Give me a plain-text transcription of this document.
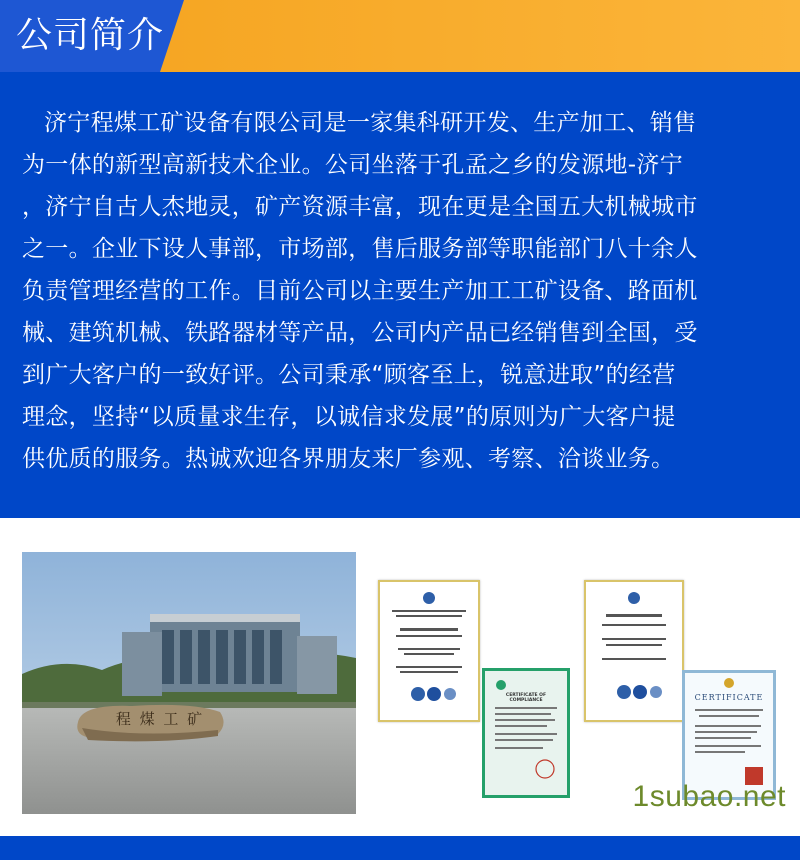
公司简介
济宁程煤工矿设备有限公司是一家集科研开发、生产加工、销售
为一体的新型高新技术企业。公司坐落于孔孟之乡的发源地-济宁
，济宁自古人杰地灵，矿产资源丰富，现在更是全国五大机械城市
之一。企业下设人事部，市场部，售后服务部等职能部门八十余人
负责管理经营的工作。目前公司以主要生产加工工矿设备、路面机
械、建筑机械、铁路器材等产品，公司内产品已经销售到全国，受
到广大客户的一致好评。公司秉承“顾客至上，锐意进取”的经营
理念，坚持“以质量求生存，以诚信求发展”的原则为广大客户提
供优质的服务。热诚欢迎各界朋友来厂参观、考察、洽谈业务。
程 煤 工 矿
CERTIFICATE OF COMPLIANCE	CERTIFICATE
1subao.net
